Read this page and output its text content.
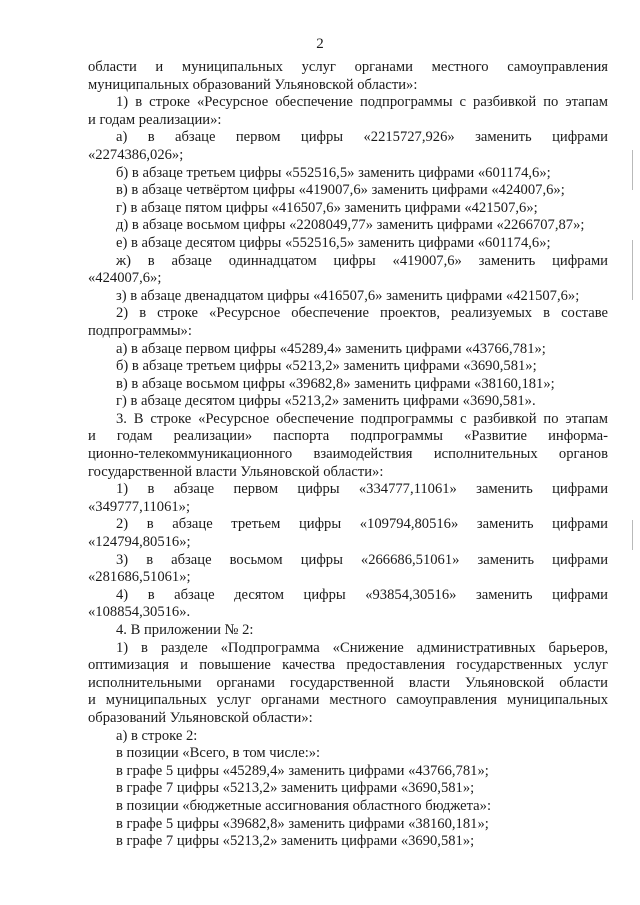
2
области и муниципальных услуг органами местного самоуправления
муниципальных образований Ульяновской области»:
1) в строке «Ресурсное обеспечение подпрограммы с разбивкой по этапам
и годам реализации»:
а) в абзаце первом цифры «2215727,926» заменить цифрами
«2274386,026»;
б) в абзаце третьем цифры «552516,5» заменить цифрами «601174,6»;
в) в абзаце четвёртом цифры «419007,6» заменить цифрами «424007,6»;
г) в абзаце пятом цифры «416507,6» заменить цифрами «421507,6»;
д) в абзаце восьмом цифры «2208049,77» заменить цифрами «2266707,87»;
е) в абзаце десятом цифры «552516,5» заменить цифрами «601174,6»;
ж) в абзаце одиннадцатом цифры «419007,6» заменить цифрами
«424007,6»;
з) в абзаце двенадцатом цифры «416507,6» заменить цифрами «421507,6»;
2) в строке «Ресурсное обеспечение проектов, реализуемых в составе
подпрограммы»:
а) в абзаце первом цифры «45289,4» заменить цифрами «43766,781»;
б) в абзаце третьем цифры «5213,2» заменить цифрами «3690,581»;
в) в абзаце восьмом цифры «39682,8» заменить цифрами «38160,181»;
г) в абзаце десятом цифры «5213,2» заменить цифрами «3690,581».
3. В строке «Ресурсное обеспечение подпрограммы с разбивкой по этапам
и годам реализации» паспорта подпрограммы «Развитие информа-
ционно-телекоммуникационного взаимодействия исполнительных органов
государственной власти Ульяновской области»:
1) в абзаце первом цифры «334777,11061» заменить цифрами
«349777,11061»;
2) в абзаце третьем цифры «109794,80516» заменить цифрами
«124794,80516»;
3) в абзаце восьмом цифры «266686,51061» заменить цифрами
«281686,51061»;
4) в абзаце десятом цифры «93854,30516» заменить цифрами
«108854,30516».
4. В приложении № 2:
1) в разделе «Подпрограмма «Снижение административных барьеров,
оптимизация и повышение качества предоставления государственных услуг
исполнительными органами государственной власти Ульяновской области
и муниципальных услуг органами местного самоуправления муниципальных
образований Ульяновской области»:
а) в строке 2:
в позиции «Всего, в том числе:»:
в графе 5 цифры «45289,4» заменить цифрами «43766,781»;
в графе 7 цифры «5213,2» заменить цифрами «3690,581»;
в позиции «бюджетные ассигнования областного бюджета»:
в графе 5 цифры «39682,8» заменить цифрами «38160,181»;
в графе 7 цифры «5213,2» заменить цифрами «3690,581»;
